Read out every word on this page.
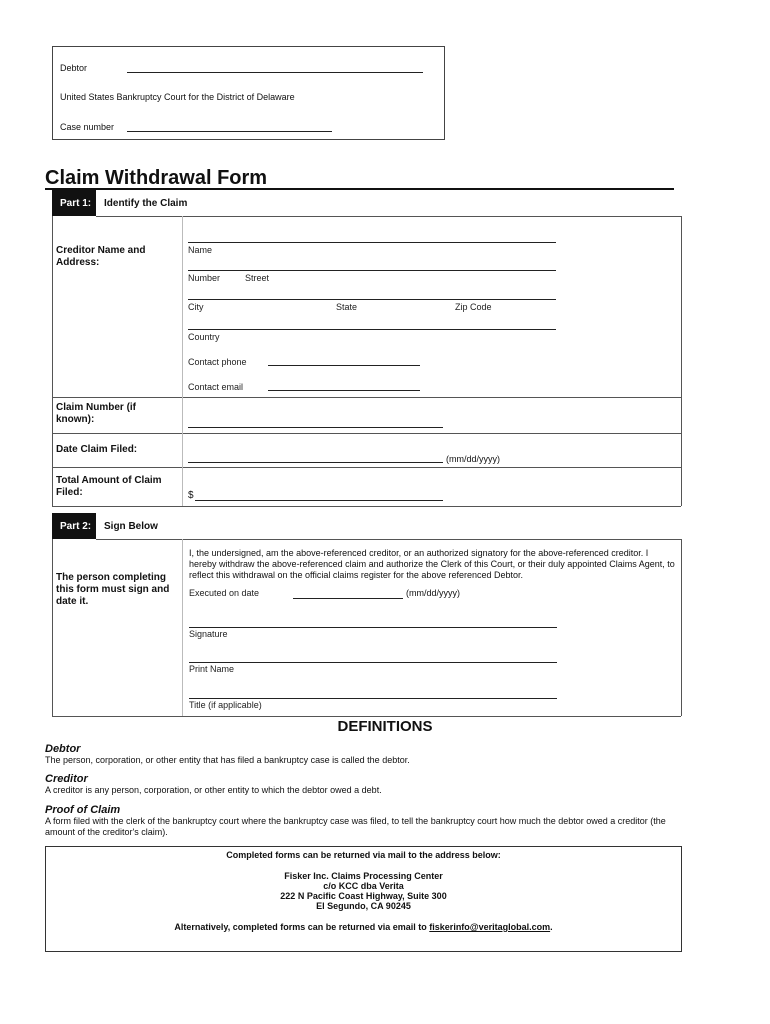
Debtor
United States Bankruptcy Court for the District of Delaware
Case number
Claim Withdrawal Form
Part 1:	Identify the Claim
Creditor Name and Address:
Name
Number	Street
City	State	Zip Code
Country
Contact phone
Contact email
Claim Number (if known):
Date Claim Filed:
(mm/dd/yyyy)
Total Amount of Claim Filed:	$
Part 2:	Sign Below
The person completing this form must sign and date it.
I, the undersigned, am the above-referenced creditor, or an authorized signatory for the above-referenced creditor. I hereby withdraw the above-referenced claim and authorize the Clerk of this Court, or their duly appointed Claims Agent, to reflect this withdrawal on the official claims register for the above referenced Debtor.
Executed on date	(mm/dd/yyyy)
Signature
Print Name
Title (if applicable)
DEFINITIONS
Debtor
The person, corporation, or other entity that has filed a bankruptcy case is called the debtor.
Creditor
A creditor is any person, corporation, or other entity to which the debtor owed a debt.
Proof of Claim
A form filed with the clerk of the bankruptcy court where the bankruptcy case was filed, to tell the bankruptcy court how much the debtor owed a creditor (the amount of the creditor's claim).
Completed forms can be returned via mail to the address below:
Fisker Inc. Claims Processing Center
c/o KCC dba Verita
222 N Pacific Coast Highway, Suite 300
El Segundo, CA 90245
Alternatively, completed forms can be returned via email to fiskerinfo@veritaglobal.com.
